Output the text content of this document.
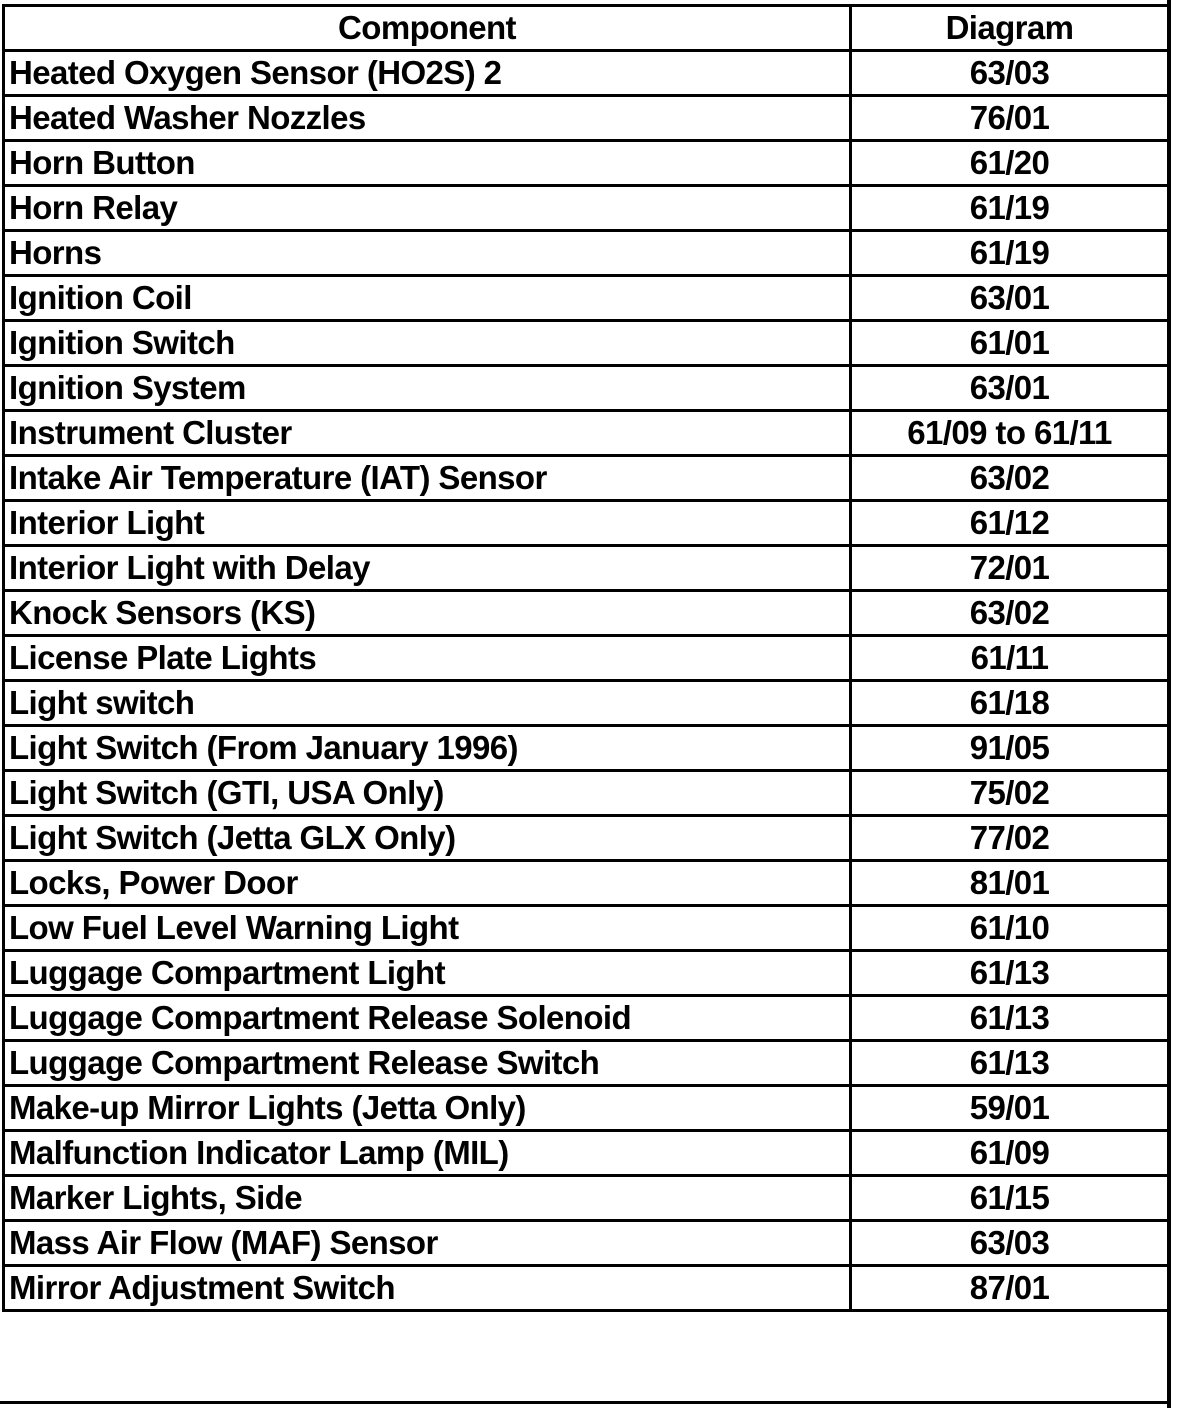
Component	Diagram
Heated Oxygen Sensor (HO2S) 2	63/03
Heated Washer Nozzles	76/01
Horn Button	61/20
Horn Relay	61/19
Horns	61/19
Ignition Coil	63/01
Ignition Switch	61/01
Ignition System	63/01
Instrument Cluster	61/09 to 61/11
Intake Air Temperature (IAT) Sensor	63/02
Interior Light	61/12
Interior Light with Delay	72/01
Knock Sensors (KS)	63/02
License Plate Lights	61/11
Light switch	61/18
Light Switch (From January 1996)	91/05
Light Switch (GTI, USA Only)	75/02
Light Switch (Jetta GLX Only)	77/02
Locks, Power Door	81/01
Low Fuel Level Warning Light	61/10
Luggage Compartment Light	61/13
Luggage Compartment Release Solenoid	61/13
Luggage Compartment Release Switch	61/13
Make-up Mirror Lights (Jetta Only)	59/01
Malfunction Indicator Lamp (MIL)	61/09
Marker Lights, Side	61/15
Mass Air Flow (MAF) Sensor	63/03
Mirror Adjustment Switch	87/01
